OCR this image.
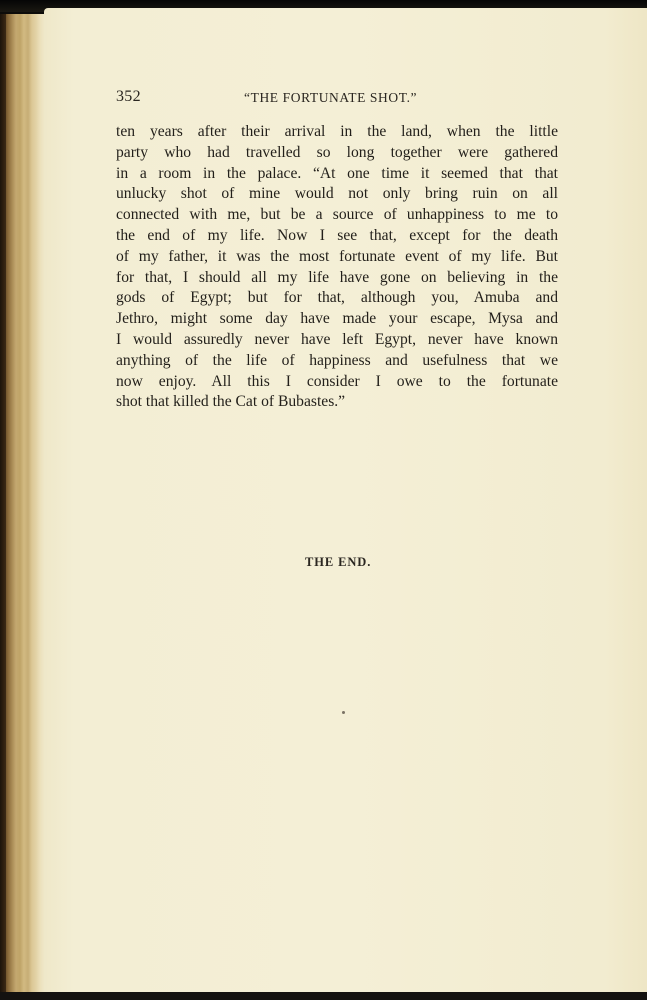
352	“THE FORTUNATE SHOT.”
ten years after their arrival in the land, when the little
party who had travelled so long together were gathered
in a room in the palace. “At one time it seemed that that
unlucky shot of mine would not only bring ruin on all
connected with me, but be a source of unhappiness to me to
the end of my life. Now I see that, except for the death
of my father, it was the most fortunate event of my life. But
for that, I should all my life have gone on believing in the
gods of Egypt; but for that, although you, Amuba and
Jethro, might some day have made your escape, Mysa and
I would assuredly never have left Egypt, never have known
anything of the life of happiness and usefulness that we
now enjoy. All this I consider I owe to the fortunate
shot that killed the Cat of Bubastes.”
THE END.
